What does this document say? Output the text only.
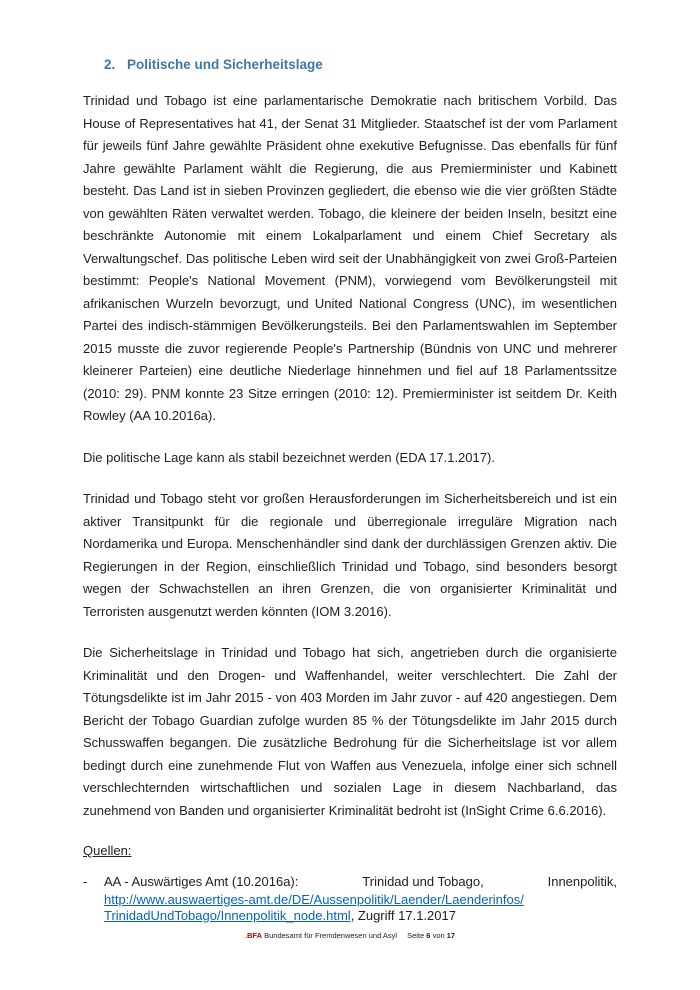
2. Politische und Sicherheitslage

Trinidad und Tobago ist eine parlamentarische Demokratie nach britischem Vorbild. Das House of Representatives hat 41, der Senat 31 Mitglieder. Staatschef ist der vom Parlament für jeweils fünf Jahre gewählte Präsident ohne exekutive Befugnisse. Das ebenfalls für fünf Jahre gewählte Parlament wählt die Regierung, die aus Premierminister und Kabinett besteht. Das Land ist in sieben Provinzen gegliedert, die ebenso wie die vier größten Städte von gewählten Räten verwaltet werden. Tobago, die kleinere der beiden Inseln, besitzt eine beschränkte Autonomie mit einem Lokalparlament und einem Chief Secretary als Verwaltungschef. Das politische Leben wird seit der Unabhängigkeit von zwei Groß-Parteien bestimmt: People's National Movement (PNM), vorwiegend vom Bevölkerungsteil mit afrikanischen Wurzeln bevorzugt, und United National Congress (UNC), im wesentlichen Partei des indisch-stämmigen Bevölkerungsteils. Bei den Parlamentswahlen im September 2015 musste die zuvor regierende People's Partnership (Bündnis von UNC und mehrerer kleinerer Parteien) eine deutliche Niederlage hinnehmen und fiel auf 18 Parlamentssitze (2010: 29). PNM konnte 23 Sitze erringen (2010: 12). Premierminister ist seitdem Dr. Keith Rowley (AA 10.2016a).

Die politische Lage kann als stabil bezeichnet werden (EDA 17.1.2017).

Trinidad und Tobago steht vor großen Herausforderungen im Sicherheitsbereich und ist ein aktiver Transitpunkt für die regionale und überregionale irreguläre Migration nach Nordamerika und Europa. Menschenhändler sind dank der durchlässigen Grenzen aktiv. Die Regierungen in der Region, einschließlich Trinidad und Tobago, sind besonders besorgt wegen der Schwachstellen an ihren Grenzen, die von organisierter Kriminalität und Terroristen ausgenutzt werden könnten (IOM 3.2016).

Die Sicherheitslage in Trinidad und Tobago hat sich, angetrieben durch die organisierte Kriminalität und den Drogen- und Waffenhandel, weiter verschlechtert. Die Zahl der Tötungsdelikte ist im Jahr 2015 - von 403 Morden im Jahr zuvor - auf 420 angestiegen. Dem Bericht der Tobago Guardian zufolge wurden 85 % der Tötungsdelikte im Jahr 2015 durch Schusswaffen begangen. Die zusätzliche Bedrohung für die Sicherheitslage ist vor allem bedingt durch eine zunehmende Flut von Waffen aus Venezuela, infolge einer sich schnell verschlechternden wirtschaftlichen und sozialen Lage in diesem Nachbarland, das zunehmend von Banden und organisierter Kriminalität bedroht ist (InSight Crime 6.6.2016).

Quellen:

-	AA - Auswärtiges Amt (10.2016a):	Trinidad und Tobago,	Innenpolitik,
http://www.auswaertiges-amt.de/DE/Aussenpolitik/Laender/Laenderinfos/
TrinidadUndTobago/Innenpolitik_node.html, Zugriff 17.1.2017
.BFA Bundesamt für Fremdenwesen und Asyl Seite 6 von 17
